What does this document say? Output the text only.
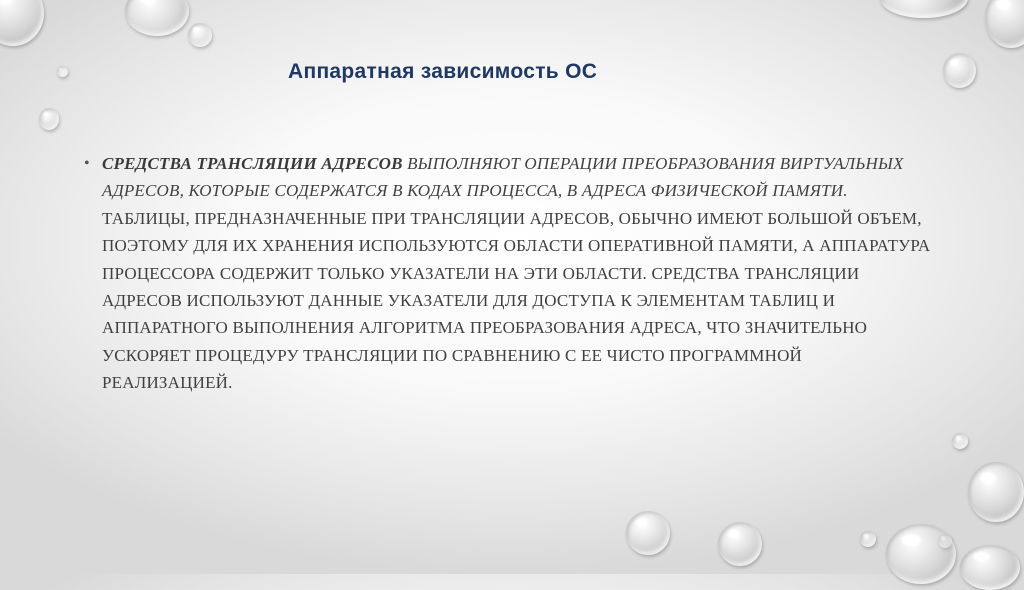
Аппаратная зависимость ОС
• СРЕДСТВА ТРАНСЛЯЦИИ АДРЕСОВ ВЫПОЛНЯЮТ ОПЕРАЦИИ ПРЕОБРАЗОВАНИЯ ВИРТУАЛЬНЫХ АДРЕСОВ, КОТОРЫЕ СОДЕРЖАТСЯ В КОДАХ ПРОЦЕССА, В АДРЕСА ФИЗИЧЕСКОЙ ПАМЯТИ. ТАБЛИЦЫ, ПРЕДНАЗНАЧЕННЫЕ ПРИ ТРАНСЛЯЦИИ АДРЕСОВ, ОБЫЧНО ИМЕЮТ БОЛЬШОЙ ОБЪЕМ, ПОЭТОМУ ДЛЯ ИХ ХРАНЕНИЯ ИСПОЛЬЗУЮТСЯ ОБЛАСТИ ОПЕРАТИВНОЙ ПАМЯТИ, А АППАРАТУРА ПРОЦЕССОРА СОДЕРЖИТ ТОЛЬКО УКАЗАТЕЛИ НА ЭТИ ОБЛАСТИ. СРЕДСТВА ТРАНСЛЯЦИИ АДРЕСОВ ИСПОЛЬЗУЮТ ДАННЫЕ УКАЗАТЕЛИ ДЛЯ ДОСТУПА К ЭЛЕМЕНТАМ ТАБЛИЦ И АППАРАТНОГО ВЫПОЛНЕНИЯ АЛГОРИТМА ПРЕОБРАЗОВАНИЯ АДРЕСА, ЧТО ЗНАЧИТЕЛЬНО УСКОРЯЕТ ПРОЦЕДУРУ ТРАНСЛЯЦИИ ПО СРАВНЕНИЮ С ЕЕ ЧИСТО ПРОГРАММНОЙ РЕАЛИЗАЦИЕЙ.
